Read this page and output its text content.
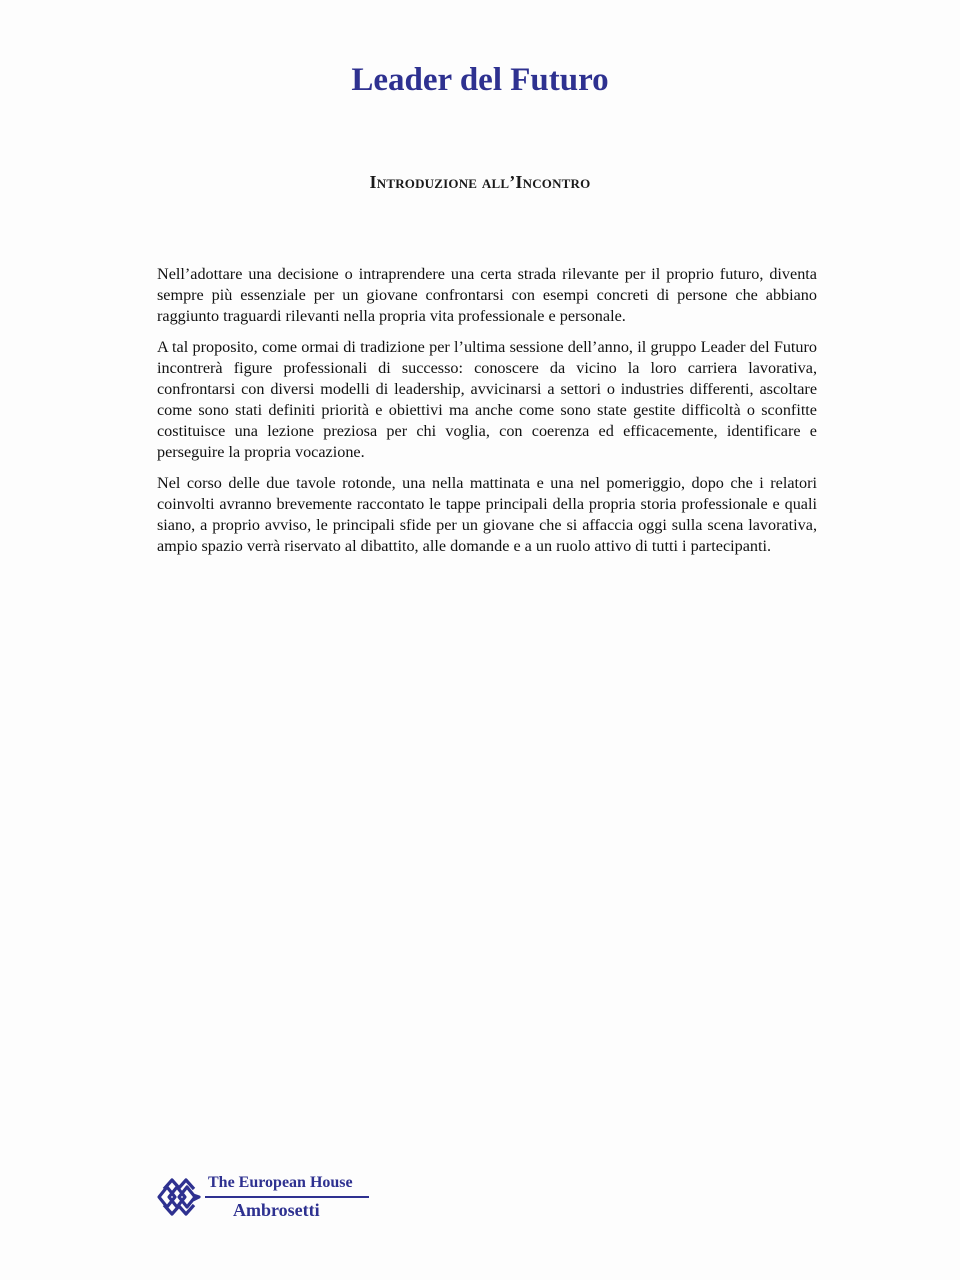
Leader del Futuro
Introduzione all’Incontro

Nell’adottare una decisione o intraprendere una certa strada rilevante per il proprio futuro, diventa sempre più essenziale per un giovane confrontarsi con esempi concreti di persone che abbiano raggiunto traguardi rilevanti nella propria vita professionale e personale.

A tal proposito, come ormai di tradizione per l’ultima sessione dell’anno, il gruppo Leader del Futuro incontrerà figure professionali di successo: conoscere da vicino la loro carriera lavorativa, confrontarsi con diversi modelli di leadership, avvicinarsi a settori o industries differenti, ascoltare come sono stati definiti priorità e obiettivi ma anche come sono state gestite difficoltà o sconfitte costituisce una lezione preziosa per chi voglia, con coerenza ed efficacemente, identificare e perseguire la propria vocazione.

Nel corso delle due tavole rotonde, una nella mattinata e una nel pomeriggio, dopo che i relatori coinvolti avranno brevemente raccontato le tappe principali della propria storia professionale e quali siano, a proprio avviso, le principali sfide per un giovane che si affaccia oggi sulla scena lavorativa, ampio spazio verrà riservato al dibattito, alle domande e a un ruolo attivo di tutti i partecipanti.

The European House
Ambrosetti
